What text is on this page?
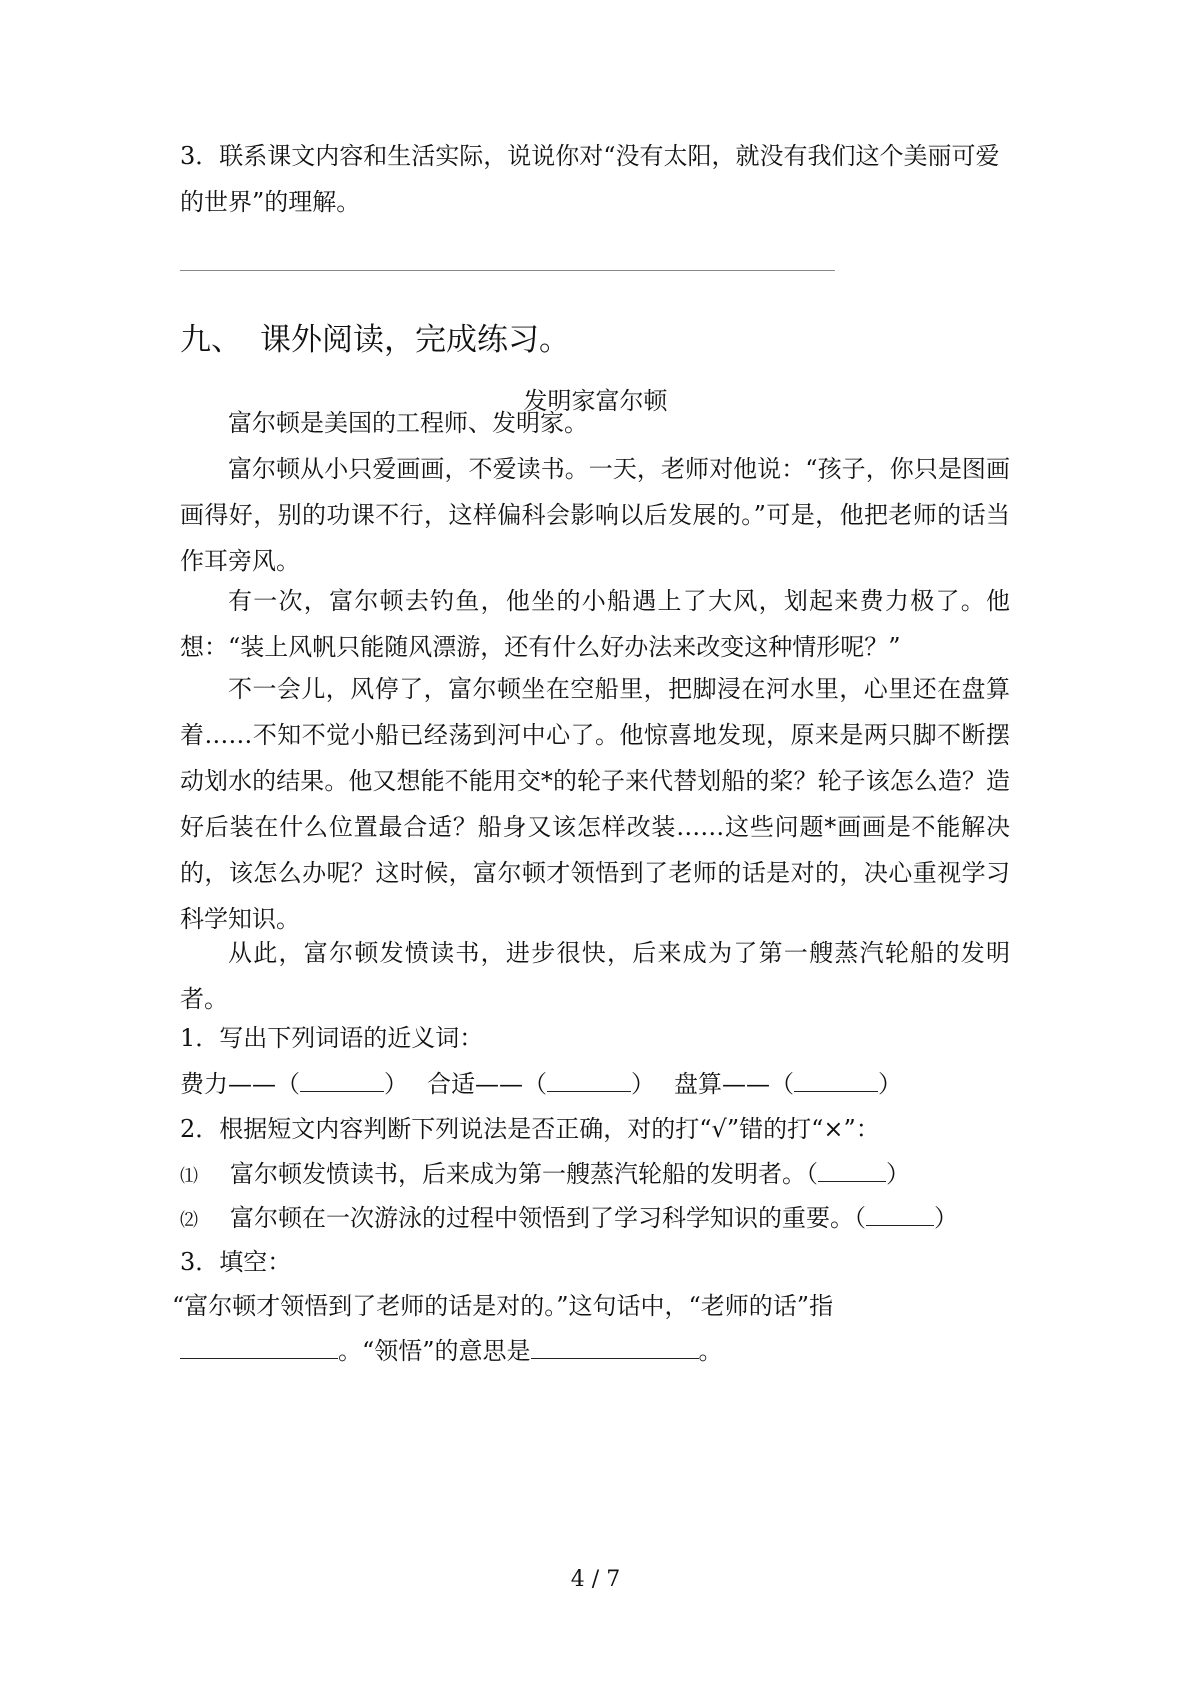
3．联系课文内容和生活实际，说说你对“没有太阳，就没有我们这个美丽可爱
的世界”的理解。
九、 课外阅读，完成练习。
发明家富尔顿
富尔顿是美国的工程师、发明家。
富尔顿从小只爱画画，不爱读书。一天，老师对他说：“孩子，你只是图画画得好，别的功课不行，这样偏科会影响以后发展的。”可是，他把老师的话当作耳旁风。
有一次，富尔顿去钓鱼，他坐的小船遇上了大风，划起来费力极了。他想：“装上风帆只能随风漂游，还有什么好办法来改变这种情形呢？”
不一会儿，风停了，富尔顿坐在空船里，把脚浸在河水里，心里还在盘算着……不知不觉小船已经荡到河中心了。他惊喜地发现，原来是两只脚不断摆动划水的结果。他又想能不能用交*的轮子来代替划船的桨？轮子该怎么造？造好后装在什么位置最合适？船身又该怎样改装……这些问题*画画是不能解决的，该怎么办呢？这时候，富尔顿才领悟到了老师的话是对的，决心重视学习科学知识。
从此，富尔顿发愤读书，进步很快，后来成为了第一艘蒸汽轮船的发明者。
1．写出下列词语的近义词：
费力——（	） 合适——（	） 盘算——（	）
2．根据短文内容判断下列说法是否正确，对的打“√”错的打“×”：
⑴ 富尔顿发愤读书，后来成为第一艘蒸汽轮船的发明者。（	）
⑵ 富尔顿在一次游泳的过程中领悟到了学习科学知识的重要。（	）
3．填空：
“富尔顿才领悟到了老师的话是对的。”这句话中，“老师的话”指
。“领悟”的意思是	。
4 / 7
